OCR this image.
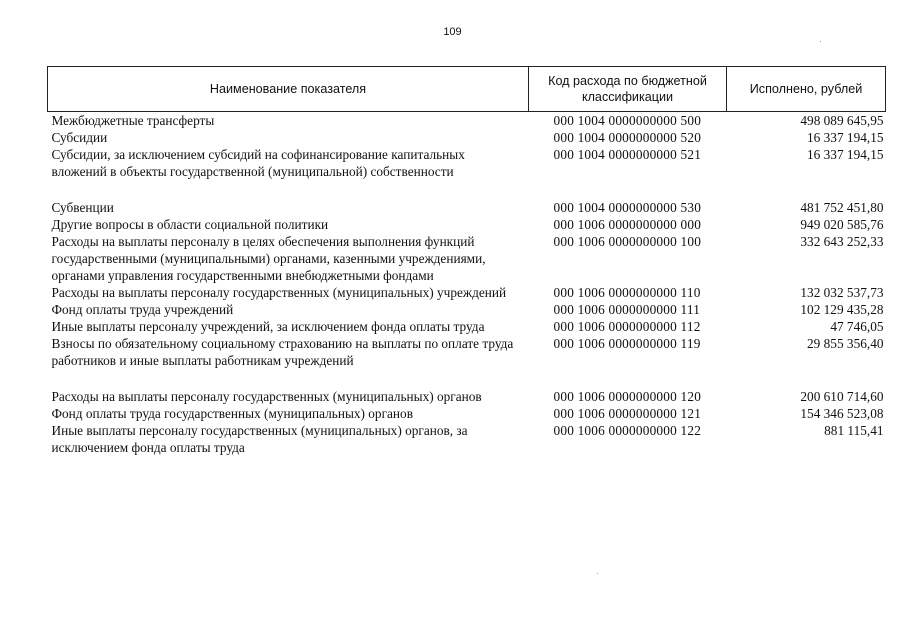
109
Наименование показателя	Код расхода по бюджетной классификации	Исполнено, рублей
Межбюджетные трансферты	000 1004 0000000000 500	498 089 645,95
Субсидии	000 1004 0000000000 520	16 337 194,15
Субсидии, за исключением субсидий на софинансирование капитальных вложений в объекты государственной (муниципальной) собственности	000 1004 0000000000 521	16 337 194,15
Субвенции	000 1004 0000000000 530	481 752 451,80
Другие вопросы в области социальной политики	000 1006 0000000000 000	949 020 585,76
Расходы на выплаты персоналу в целях обеспечения выполнения функций государственными (муниципальными) органами, казенными учреждениями, органами управления государственными внебюджетными фондами	000 1006 0000000000 100	332 643 252,33
Расходы на выплаты персоналу государственных (муниципальных) учреждений	000 1006 0000000000 110	132 032 537,73
Фонд оплаты труда учреждений	000 1006 0000000000 111	102 129 435,28
Иные выплаты персоналу учреждений, за исключением фонда оплаты труда	000 1006 0000000000 112	47 746,05
Взносы по обязательному социальному страхованию на выплаты по оплате труда работников и иные выплаты работникам учреждений	000 1006 0000000000 119	29 855 356,40
Расходы на выплаты персоналу государственных (муниципальных) органов	000 1006 0000000000 120	200 610 714,60
Фонд оплаты труда государственных (муниципальных) органов	000 1006 0000000000 121	154 346 523,08
Иные выплаты персоналу государственных (муниципальных) органов, за исключением фонда оплаты труда	000 1006 0000000000 122	881 115,41
